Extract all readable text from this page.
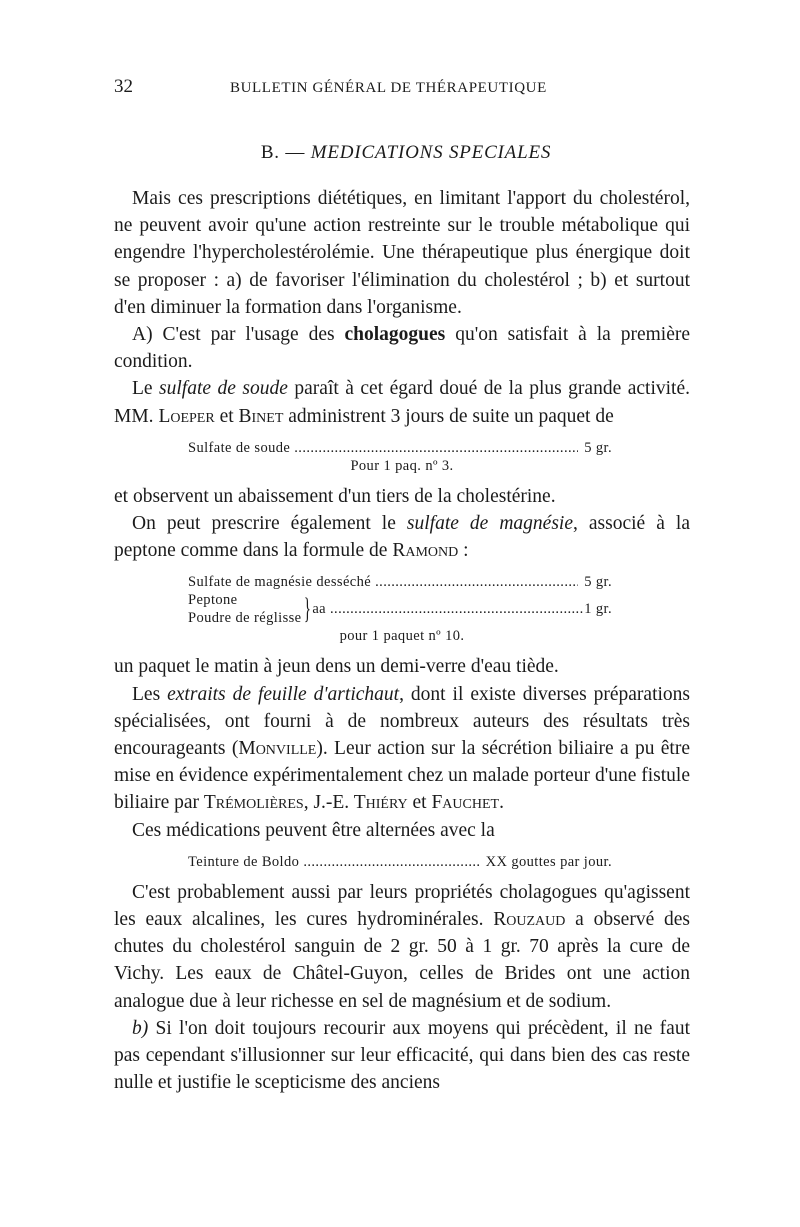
32	BULLETIN GÉNÉRAL DE THÉRAPEUTIQUE
B. — MEDICATIONS SPECIALES

Mais ces prescriptions diététiques, en limitant l'apport du cholestérol, ne peuvent avoir qu'une action restreinte sur le trouble métabolique qui engendre l'hypercholestérolémie. Une thérapeutique plus énergique doit se proposer : a) de favoriser l'élimination du cholestérol ; b) et surtout d'en diminuer la formation dans l'organisme.

A) C'est par l'usage des cholagogues qu'on satisfait à la première condition.

Le sulfate de soude paraît à cet égard doué de la plus grande activité. MM. Loeper et Binet administrent 3 jours de suite un paquet de

Sulfate de soude .....	5 gr.
Pour 1 paq. nº 3.

et observent un abaissement d'un tiers de la cholestérine.

On peut prescrire également le sulfate de magnésie, associé à la peptone comme dans la formule de Ramond :

Sulfate de magnésie desséché .....	5 gr.
Peptone
Poudre de réglisse } aa .....	1 gr.
pour 1 paquet nº 10.

un paquet le matin à jeun dens un demi-verre d'eau tiède.

Les extraits de feuille d'artichaut, dont il existe diverses préparations spécialisées, ont fourni à de nombreux auteurs des résultats très encourageants (Monville). Leur action sur la sécrétion biliaire a pu être mise en évidence expérimentalement chez un malade porteur d'une fistule biliaire par Trémolières, J.-E. Thiéry et Fauchet.

Ces médications peuvent être alternées avec la

Teinture de Boldo .....	XX gouttes par jour.

C'est probablement aussi par leurs propriétés cholagogues qu'agissent les eaux alcalines, les cures hydrominérales. Rouzaud a observé des chutes du cholestérol sanguin de 2 gr. 50 à 1 gr. 70 après la cure de Vichy. Les eaux de Châtel-Guyon, celles de Brides ont une action analogue due à leur richesse en sel de magnésium et de sodium.

b) Si l'on doit toujours recourir aux moyens qui précèdent, il ne faut pas cependant s'illusionner sur leur efficacité, qui dans bien des cas reste nulle et justifie le scepticisme des anciens
